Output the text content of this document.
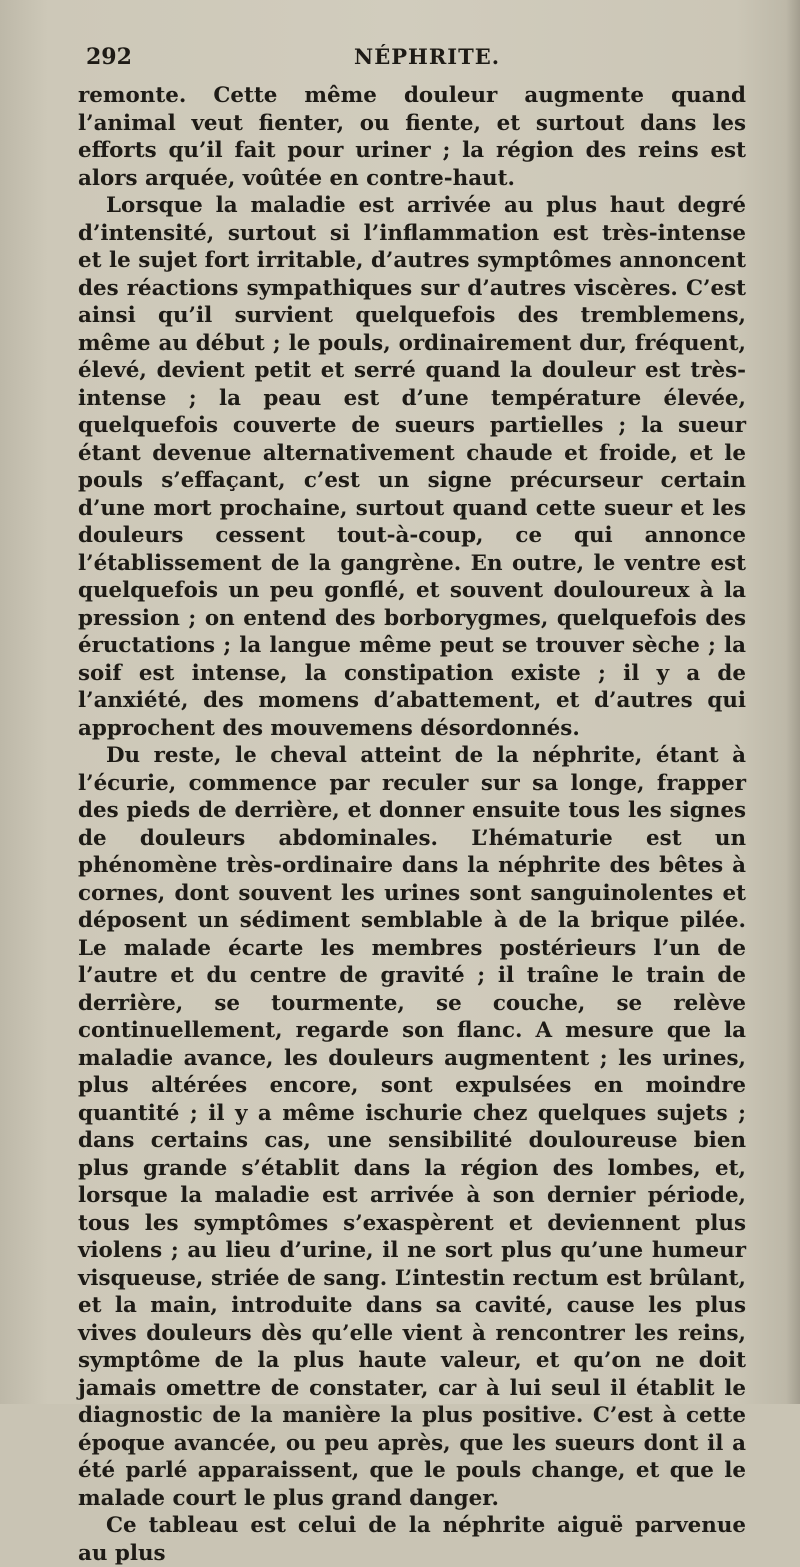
292	NÉPHRITE.

remonte. Cette même douleur augmente quand l’animal veut fienter, ou fiente, et surtout dans les efforts qu’il fait pour uriner ; la région des reins est alors arquée, voûtée en contre-haut.

Lorsque la maladie est arrivée au plus haut degré d’intensité, surtout si l’inflammation est très-intense et le sujet fort irritable, d’autres symptômes annoncent des réactions sympathiques sur d’autres viscères. C’est ainsi qu’il survient quelquefois des tremblemens, même au début ; le pouls, ordinairement dur, fréquent, élevé, devient petit et serré quand la douleur est très-intense ; la peau est d’une température élevée, quelquefois couverte de sueurs partielles ; la sueur étant devenue alternativement chaude et froide, et le pouls s’effaçant, c’est un signe précurseur certain d’une mort prochaine, surtout quand cette sueur et les douleurs cessent tout-à-coup, ce qui annonce l’établissement de la gangrène. En outre, le ventre est quelquefois un peu gonflé, et souvent douloureux à la pression ; on entend des borborygmes, quelquefois des éructations ; la langue même peut se trouver sèche ; la soif est intense, la constipation existe ; il y a de l’anxiété, des momens d’abattement, et d’autres qui approchent des mouvemens désordonnés.

Du reste, le cheval atteint de la néphrite, étant à l’écurie, commence par reculer sur sa longe, frapper des pieds de derrière, et donner ensuite tous les signes de douleurs abdominales. L’hématurie est un phénomène très-ordinaire dans la néphrite des bêtes à cornes, dont souvent les urines sont sanguinolentes et déposent un sédiment semblable à de la brique pilée. Le malade écarte les membres postérieurs l’un de l’autre et du centre de gravité ; il traîne le train de derrière, se tourmente, se couche, se relève continuellement, regarde son flanc. A mesure que la maladie avance, les douleurs augmentent ; les urines, plus altérées encore, sont expulsées en moindre quantité ; il y a même ischurie chez quelques sujets ; dans certains cas, une sensibilité douloureuse bien plus grande s’établit dans la région des lombes, et, lorsque la maladie est arrivée à son dernier période, tous les symptômes s’exaspèrent et deviennent plus violens ; au lieu d’urine, il ne sort plus qu’une humeur visqueuse, striée de sang. L’intestin rectum est brûlant, et la main, introduite dans sa cavité, cause les plus vives douleurs dès qu’elle vient à rencontrer les reins, symptôme de la plus haute valeur, et qu’on ne doit jamais omettre de constater, car à lui seul il établit le diagnostic de la manière la plus positive. C’est à cette époque avancée, ou peu après, que les sueurs dont il a été parlé apparaissent, que le pouls change, et que le malade court le plus grand danger.

Ce tableau est celui de la néphrite aiguë parvenue au plus
